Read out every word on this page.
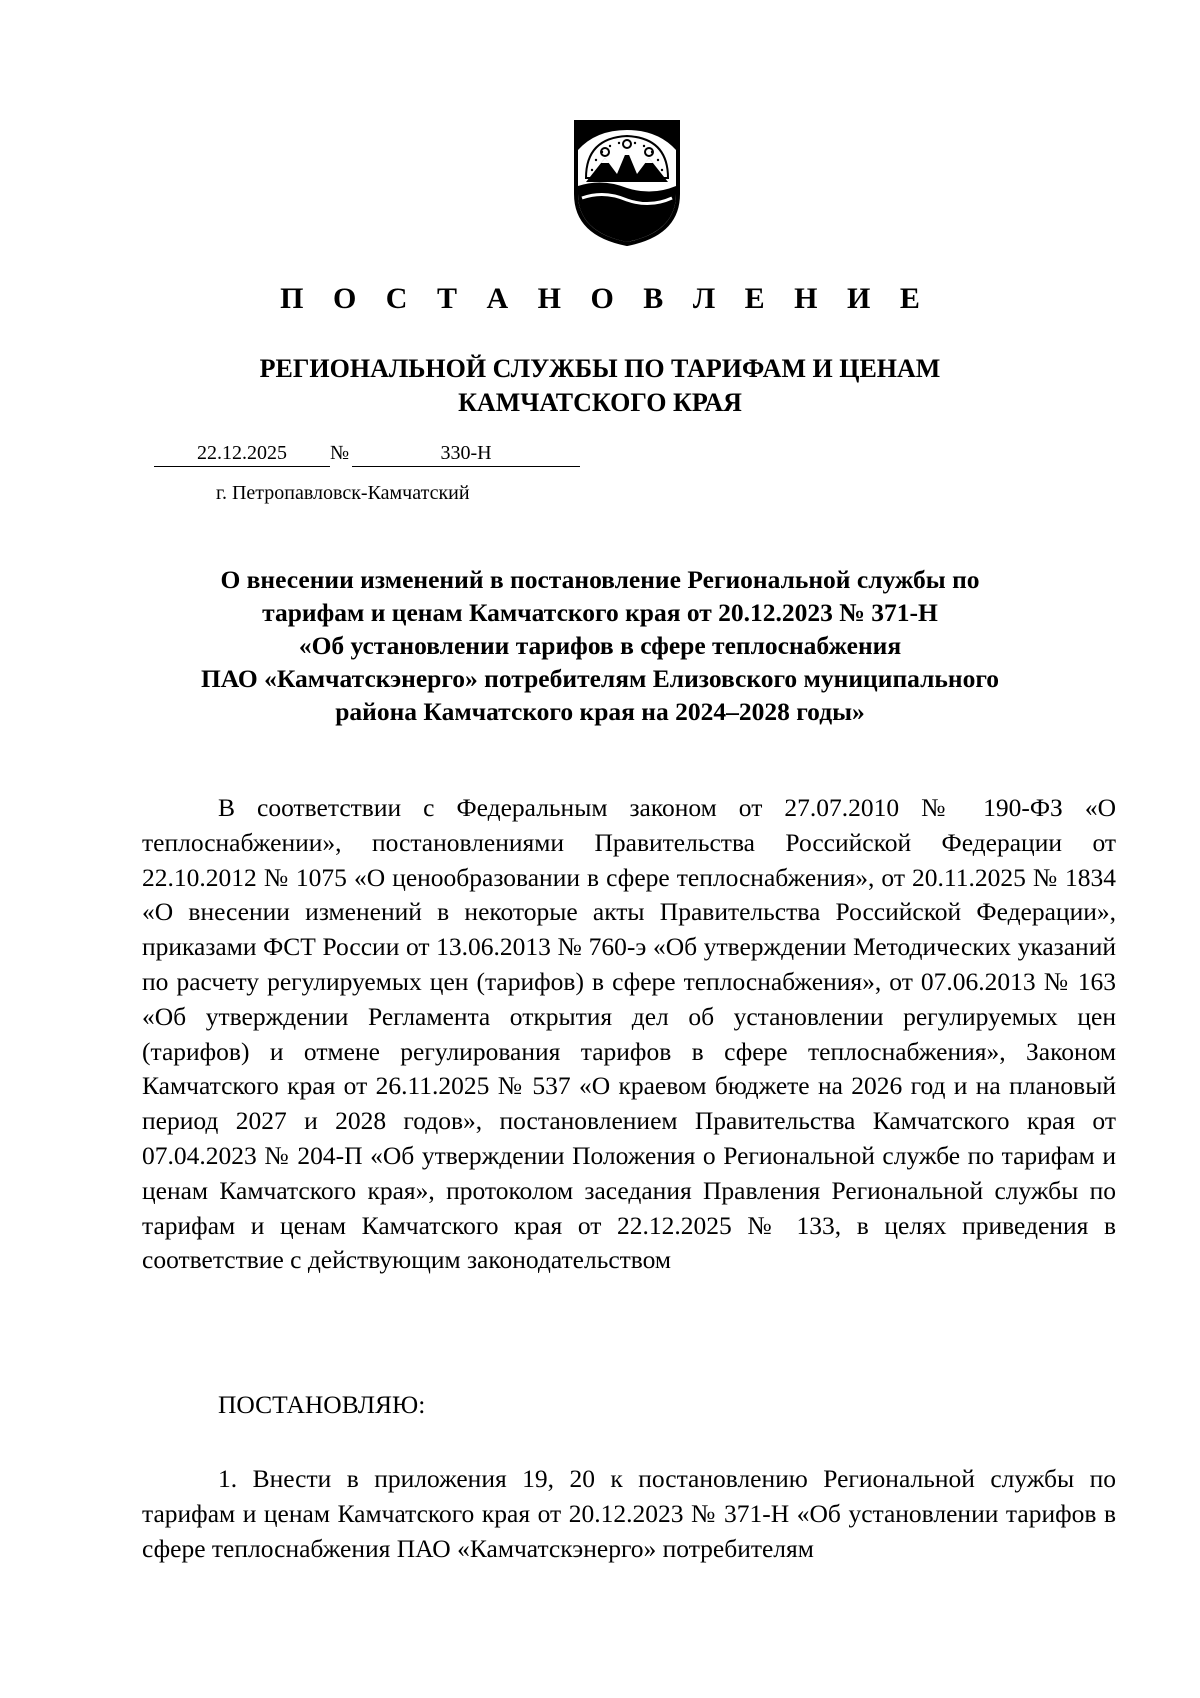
П О С Т А Н О В Л Е Н И Е
РЕГИОНАЛЬНОЙ СЛУЖБЫ ПО ТАРИФАМ И ЦЕНАМ
КАМЧАТСКОГО КРАЯ
22.12.2025	№	330-Н
г. Петропавловск-Камчатский
О внесении изменений в постановление Региональной службы по
тарифам и ценам Камчатского края от 20.12.2023 № 371-Н
«Об установлении тарифов в сфере теплоснабжения
ПАО «Камчатскэнерго» потребителям Елизовского муниципального
района Камчатского края на 2024–2028 годы»
В соответствии с Федеральным законом от 27.07.2010 № 190-ФЗ «О теплоснабжении», постановлениями Правительства Российской Федерации от 22.10.2012 № 1075 «О ценообразовании в сфере теплоснабжения», от 20.11.2025 № 1834 «О внесении изменений в некоторые акты Правительства Российской Федерации», приказами ФСТ России от 13.06.2013 № 760-э «Об утверждении Методических указаний по расчету регулируемых цен (тарифов) в сфере теплоснабжения», от 07.06.2013 № 163 «Об утверждении Регламента открытия дел об установлении регулируемых цен (тарифов) и отмене регулирования тарифов в сфере теплоснабжения», Законом Камчатского края от 26.11.2025 № 537 «О краевом бюджете на 2026 год и на плановый период 2027 и 2028 годов», постановлением Правительства Камчатского края от 07.04.2023 № 204-П «Об утверждении Положения о Региональной службе по тарифам и ценам Камчатского края», протоколом заседания Правления Региональной службы по тарифам и ценам Камчатского края от 22.12.2025 № 133, в целях приведения в соответствие с действующим законодательством
ПОСТАНОВЛЯЮ:
1. Внести в приложения 19, 20 к постановлению Региональной службы по тарифам и ценам Камчатского края от 20.12.2023 № 371-Н «Об установлении тарифов в сфере теплоснабжения ПАО «Камчатскэнерго» потребителям
